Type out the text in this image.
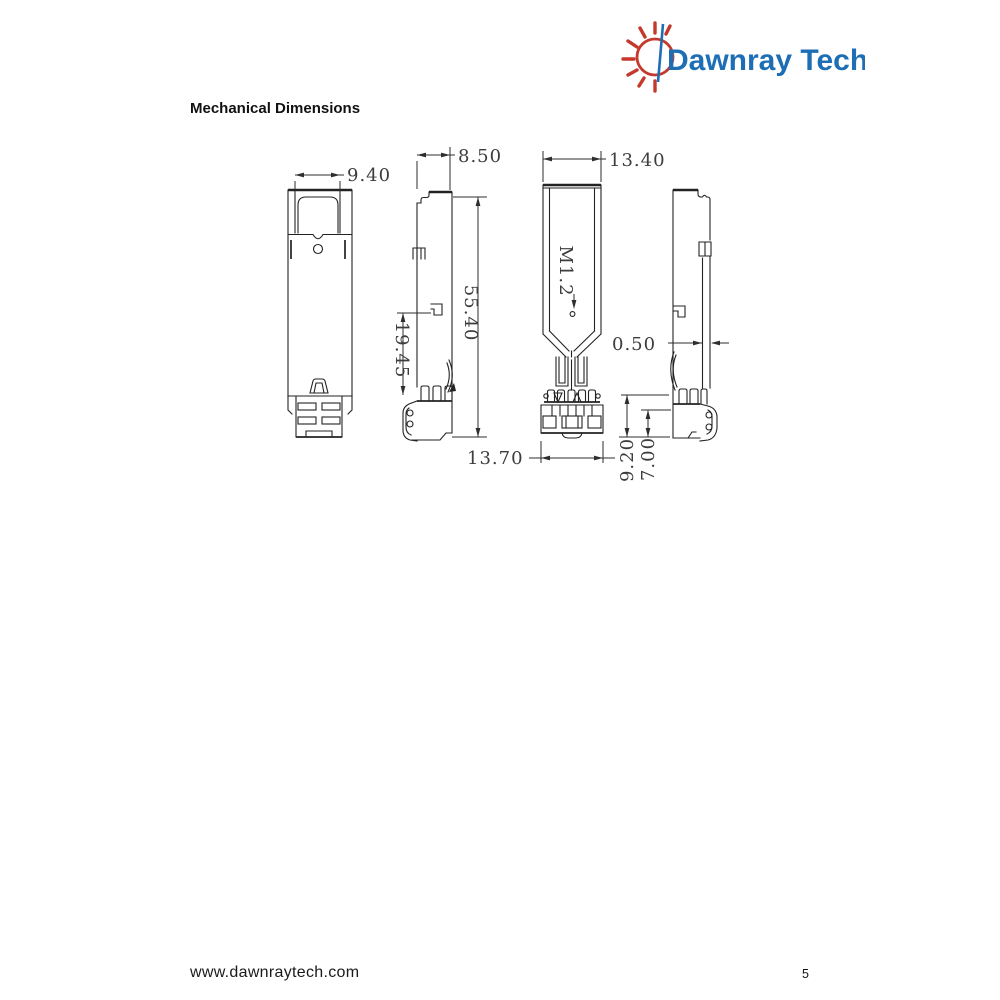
Mechanical Dimensions
Dawnray Tech
9.40
8.50
55.40
19.45
13.40
M1.2
13.70
0.50
9.20 7.00
www.dawnraytech.com	5
